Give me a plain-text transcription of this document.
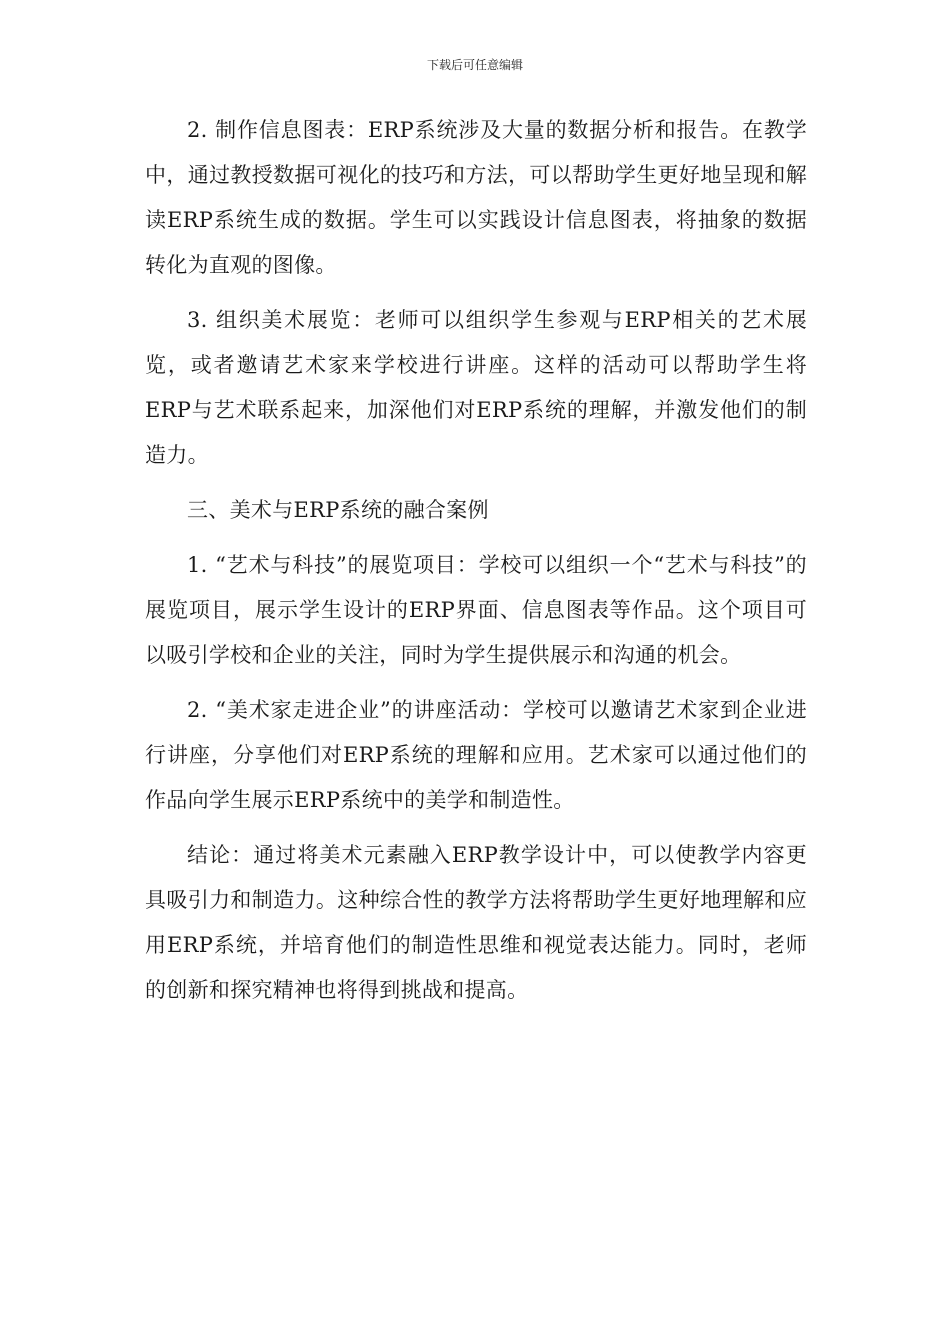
下载后可任意编辑

2. 制作信息图表：ERP系统涉及大量的数据分析和报告。在教学中，通过教授数据可视化的技巧和方法，可以帮助学生更好地呈现和解读ERP系统生成的数据。学生可以实践设计信息图表，将抽象的数据转化为直观的图像。

3. 组织美术展览：老师可以组织学生参观与ERP相关的艺术展览，或者邀请艺术家来学校进行讲座。这样的活动可以帮助学生将ERP与艺术联系起来，加深他们对ERP系统的理解，并激发他们的制造力。

三、美术与ERP系统的融合案例

1. “艺术与科技”的展览项目：学校可以组织一个“艺术与科技”的展览项目，展示学生设计的ERP界面、信息图表等作品。这个项目可以吸引学校和企业的关注，同时为学生提供展示和沟通的机会。

2. “美术家走进企业”的讲座活动：学校可以邀请艺术家到企业进行讲座，分享他们对ERP系统的理解和应用。艺术家可以通过他们的作品向学生展示ERP系统中的美学和制造性。

结论：通过将美术元素融入ERP教学设计中，可以使教学内容更具吸引力和制造力。这种综合性的教学方法将帮助学生更好地理解和应用ERP系统，并培育他们的制造性思维和视觉表达能力。同时，老师的创新和探究精神也将得到挑战和提高。
